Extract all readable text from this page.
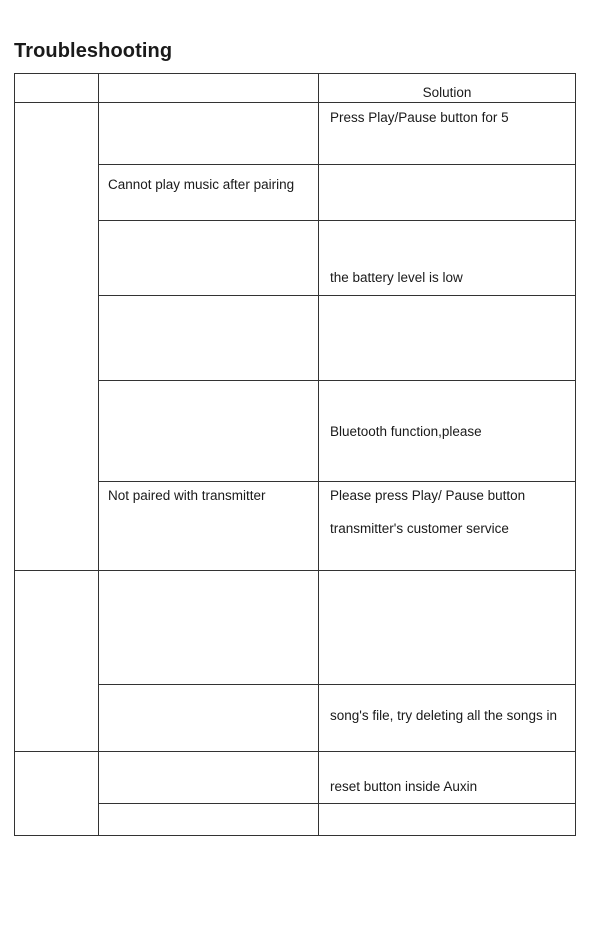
Troubleshooting
Solution
Press Play/Pause button for 5
Cannot play music after pairing
the battery level is low
Bluetooth function,please
Not paired with transmitter	Please press Play/ Pause button
transmitter's customer service
song's file, try deleting all the songs in
reset button inside Auxin
